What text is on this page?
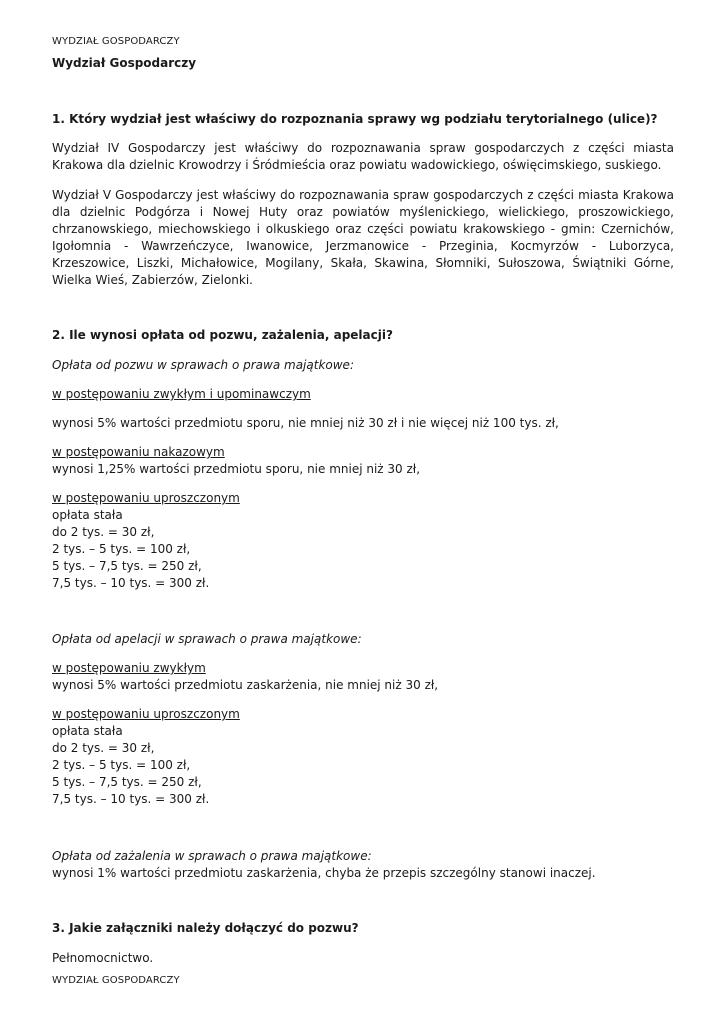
WYDZIAŁ GOSPODARCZY
Wydział Gospodarczy
1. Który wydział jest właściwy do rozpoznania sprawy wg podziału terytorialnego (ulice)?
Wydział IV Gospodarczy jest właściwy do rozpoznawania spraw gospodarczych z części miasta Krakowa dla dzielnic Krowodrzy i Śródmieścia oraz powiatu wadowickiego, oświęcimskiego, suskiego.
Wydział V Gospodarczy jest właściwy do rozpoznawania spraw gospodarczych z części miasta Krakowa dla dzielnic Podgórza i Nowej Huty oraz powiatów myślenickiego, wielickiego, proszowickiego, chrzanowskiego, miechowskiego i olkuskiego oraz części powiatu krakowskiego - gmin: Czernichów, Igołomnia - Wawrzeńczyce, Iwanowice, Jerzmanowice - Przeginia, Kocmyrzów - Luborzyca, Krzeszowice, Liszki, Michałowice, Mogilany, Skała, Skawina, Słomniki, Sułoszowa, Świątniki Górne, Wielka Wieś, Zabierzów, Zielonki.
2. Ile wynosi opłata od pozwu, zażalenia, apelacji?
Opłata od pozwu w sprawach o prawa majątkowe:
w postępowaniu zwykłym i upominawczym
wynosi 5% wartości przedmiotu sporu, nie mniej niż 30 zł i nie więcej niż 100 tys. zł,
w postępowaniu nakazowym
wynosi 1,25% wartości przedmiotu sporu, nie mniej niż 30 zł,
w postępowaniu uproszczonym
opłata stała
do 2 tys. = 30 zł,
2 tys. – 5 tys. = 100 zł,
5 tys. – 7,5 tys. = 250 zł,
7,5 tys. – 10 tys. = 300 zł.
Opłata od apelacji w sprawach o prawa majątkowe:
w postępowaniu zwykłym
wynosi 5% wartości przedmiotu zaskarżenia, nie mniej niż 30 zł,
w postępowaniu uproszczonym
opłata stała
do 2 tys. = 30 zł,
2 tys. – 5 tys. = 100 zł,
5 tys. – 7,5 tys. = 250 zł,
7,5 tys. – 10 tys. = 300 zł.
Opłata od zażalenia w sprawach o prawa majątkowe:
wynosi 1% wartości przedmiotu zaskarżenia, chyba że przepis szczególny stanowi inaczej.
3. Jakie załączniki należy dołączyć do pozwu?
Pełnomocnictwo.
WYDZIAŁ GOSPODARCZY
